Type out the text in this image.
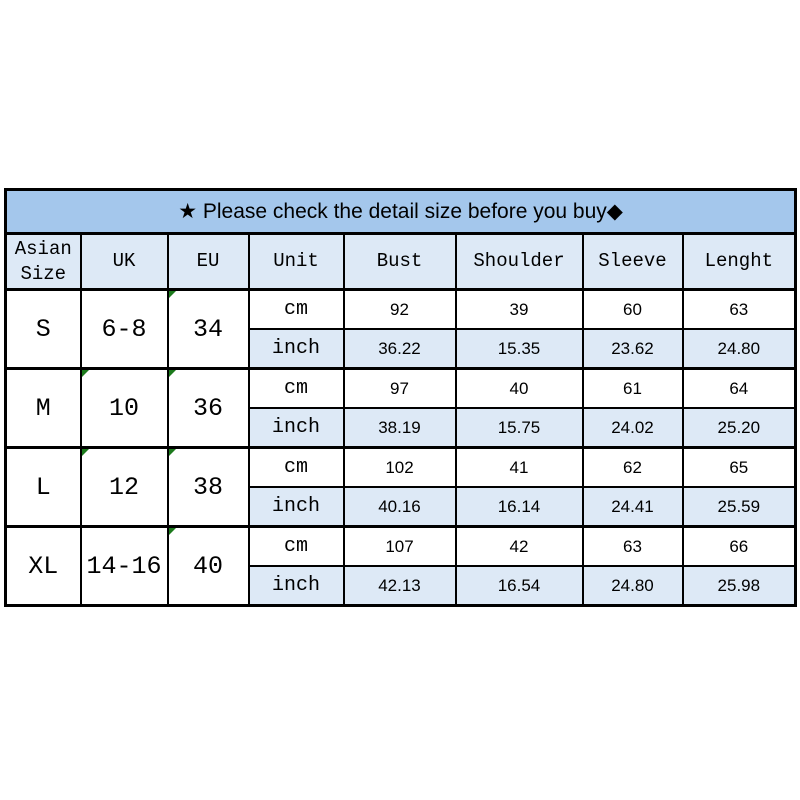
★ Please check the detail size before you buy◆							
Asian Size	UK	EU	Unit	Bust	Shoulder	Sleeve	Lenght
S	6-8	34	cm	92	39	60	63
			inch	36.22	15.35	23.62	24.80
M	10	36	cm	97	40	61	64
			inch	38.19	15.75	24.02	25.20
L	12	38	cm	102	41	62	65
			inch	40.16	16.14	24.41	25.59
XL	14-16	40	cm	107	42	63	66
			inch	42.13	16.54	24.80	25.98
